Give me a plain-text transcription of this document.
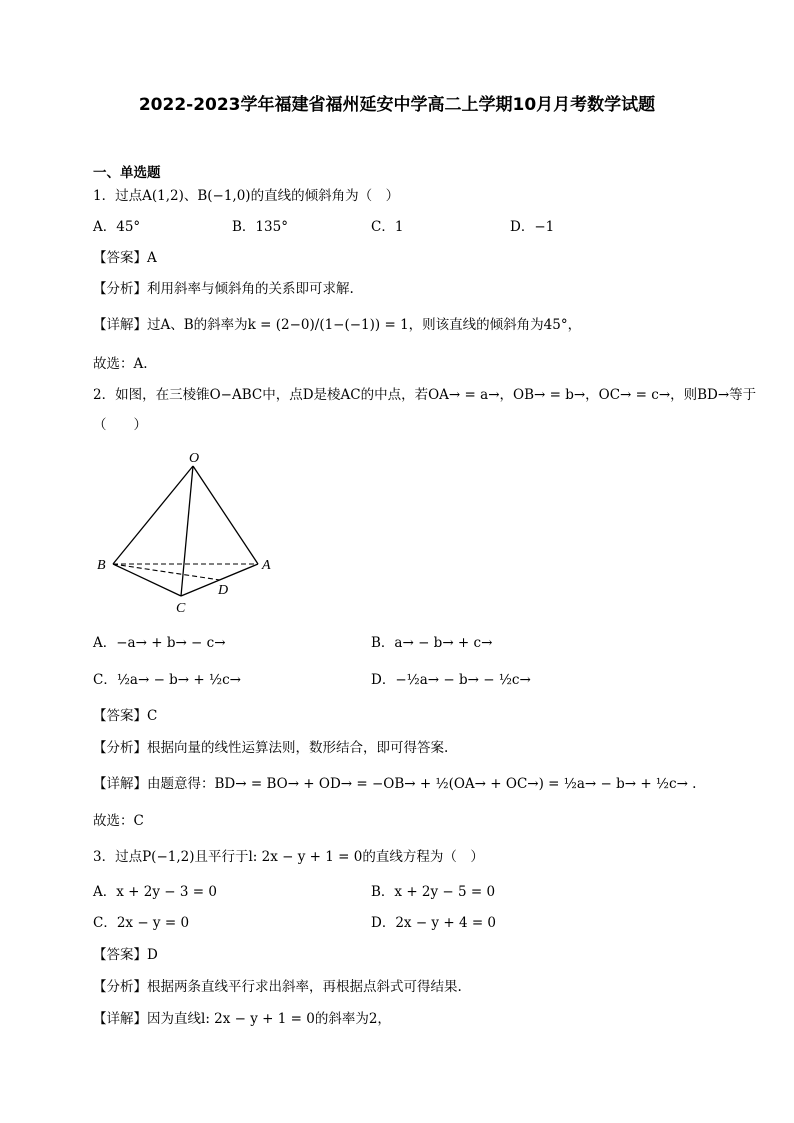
2022-2023学年福建省福州延安中学高二上学期10月月考数学试题
一、单选题
1．过点A(1,2)、B(−1,0)的直线的倾斜角为（　）
A．45°	B．135°	C．1	D．−1
【答案】A
【分析】利用斜率与倾斜角的关系即可求解.
【详解】过A、B的斜率为k = (2−0)/(1−(−1)) = 1，则该直线的倾斜角为45°，
故选：A.
2．如图，在三棱锥O−ABC中，点D是棱AC的中点，若OA→ = a→，OB→ = b→，OC→ = c→，则BD→等于
（　　）
O
B	A
C
D
A．−a→ + b→ − c→	B．a→ − b→ + c→
C．½a→ − b→ + ½c→	D．−½a→ − b→ − ½c→
【答案】C
【分析】根据向量的线性运算法则，数形结合，即可得答案.
【详解】由题意得：BD→ = BO→ + OD→ = −OB→ + ½(OA→ + OC→) = ½a→ − b→ + ½c→ .
故选：C
3．过点P(−1,2)且平行于l: 2x − y + 1 = 0的直线方程为（　）
A．x + 2y − 3 = 0	B．x + 2y − 5 = 0
C．2x − y = 0	D．2x − y + 4 = 0
【答案】D
【分析】根据两条直线平行求出斜率，再根据点斜式可得结果.
【详解】因为直线l: 2x − y + 1 = 0的斜率为2，
